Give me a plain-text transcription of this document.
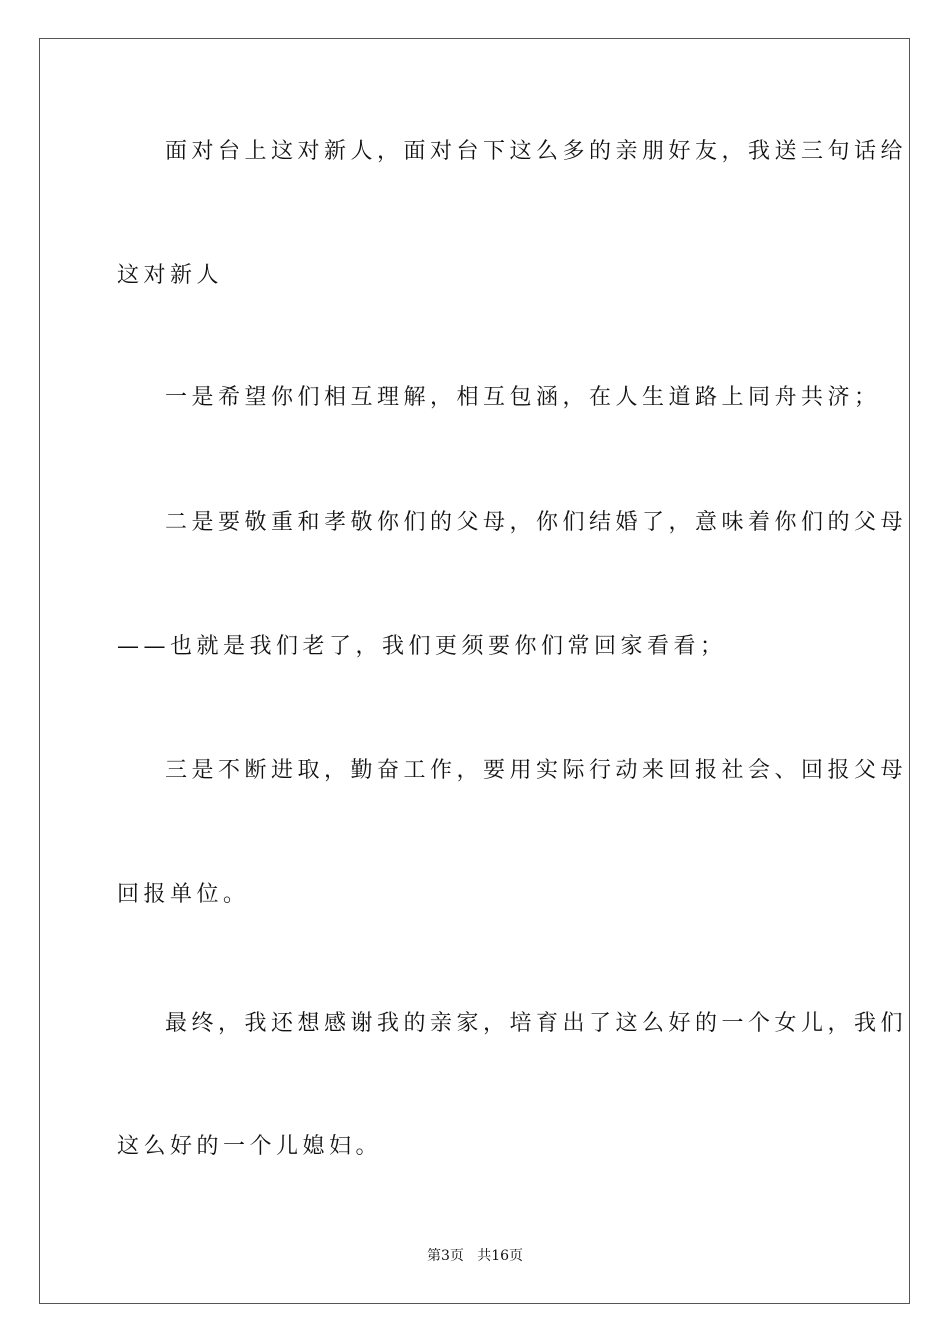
面对台上这对新人，面对台下这么多的亲朋好友，我送三句话给
这对新人
一是希望你们相互理解，相互包涵，在人生道路上同舟共济；
二是要敬重和孝敬你们的父母，你们结婚了，意味着你们的父母
——也就是我们老了，我们更须要你们常回家看看；
三是不断进取，勤奋工作，要用实际行动来回报社会、回报父母
回报单位。
最终，我还想感谢我的亲家，培育出了这么好的一个女儿，我们
这么好的一个儿媳妇。
第3页   共16页
